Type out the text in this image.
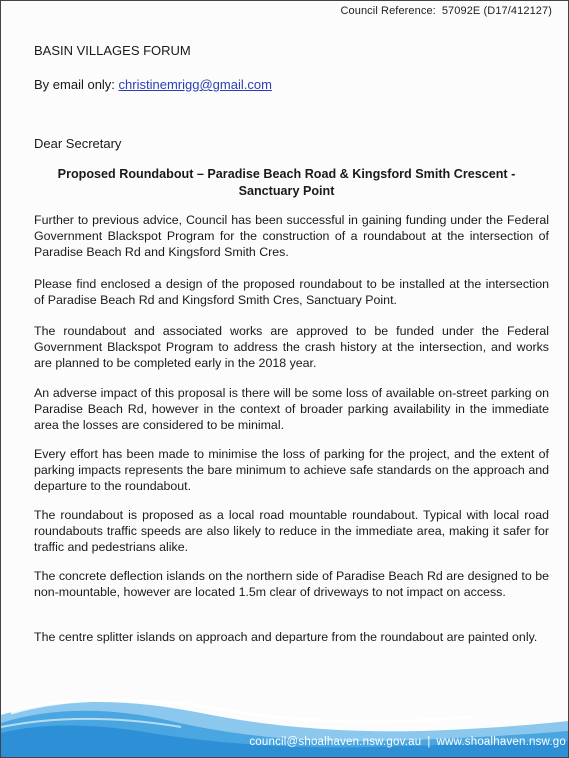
Council Reference: 57092E (D17/412127)
BASIN VILLAGES FORUM
By email only: christinemrigg@gmail.com
Dear Secretary
Proposed Roundabout – Paradise Beach Road & Kingsford Smith Crescent -
Sanctuary Point

Further to previous advice, Council has been successful in gaining funding under the Federal Government Blackspot Program for the construction of a roundabout at the intersection of Paradise Beach Rd and Kingsford Smith Cres.

Please find enclosed a design of the proposed roundabout to be installed at the intersection of Paradise Beach Rd and Kingsford Smith Cres, Sanctuary Point.

The roundabout and associated works are approved to be funded under the Federal Government Blackspot Program to address the crash history at the intersection, and works are planned to be completed early in the 2018 year.

An adverse impact of this proposal is there will be some loss of available on-street parking on Paradise Beach Rd, however in the context of broader parking availability in the immediate area the losses are considered to be minimal.

Every effort has been made to minimise the loss of parking for the project, and the extent of parking impacts represents the bare minimum to achieve safe standards on the approach and departure to the roundabout.

The roundabout is proposed as a local road mountable roundabout. Typical with local road roundabouts traffic speeds are also likely to reduce in the immediate area, making it safer for traffic and pedestrians alike.

The concrete deflection islands on the northern side of Paradise Beach Rd are designed to be non-mountable, however are located 1.5m clear of driveways to not impact on access.

The centre splitter islands on approach and departure from the roundabout are painted only.

council@shoalhaven.nsw.gov.au | www.shoalhaven.nsw.go
